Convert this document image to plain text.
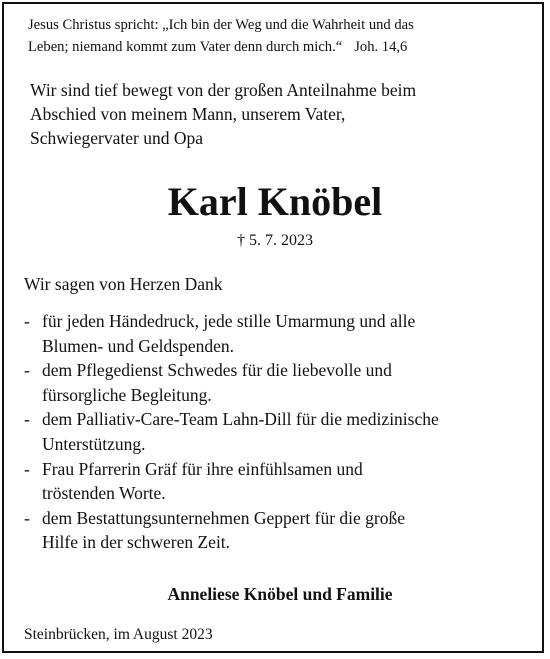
Jesus Christus spricht: „Ich bin der Weg und die Wahrheit und das
Leben; niemand kommt zum Vater denn durch mich.“ Joh. 14,6
Wir sind tief bewegt von der großen Anteilnahme beim
Abschied von meinem Mann, unserem Vater,
Schwiegervater und Opa
Karl Knöbel
† 5. 7. 2023
Wir sagen von Herzen Dank
- für jeden Händedruck, jede stille Umarmung und alle
Blumen- und Geldspenden.
- dem Pflegedienst Schwedes für die liebevolle und
fürsorgliche Begleitung.
- dem Palliativ-Care-Team Lahn-Dill für die medizinische
Unterstützung.
- Frau Pfarrerin Gräf für ihre einfühlsamen und
tröstenden Worte.
- dem Bestattungsunternehmen Geppert für die große
Hilfe in der schweren Zeit.
Anneliese Knöbel und Familie
Steinbrücken, im August 2023
